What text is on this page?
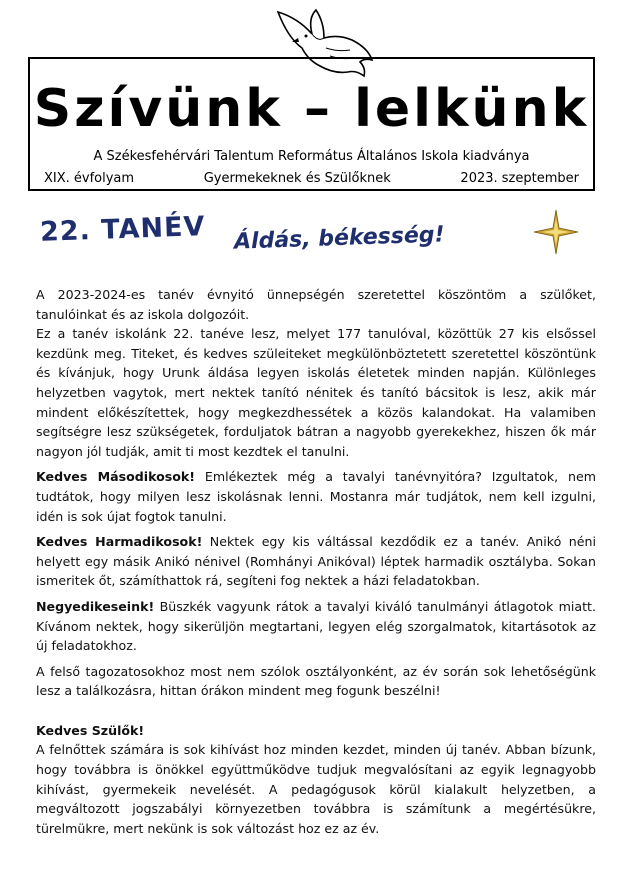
Szívünk – lelkünk
A Székesfehérvári Talentum Református Általános Iskola kiadványa
XIX. évfolyam	Gyermekeknek és Szülőknek	2023. szeptember
22. TANÉV Áldás, békesség!

A 2023-2024-es tanév évnyitó ünnepségén szeretettel köszöntöm a szülőket, tanulóinkat és az iskola dolgozóit.

Ez a tanév iskolánk 22. tanéve lesz, melyet 177 tanulóval, közöttük 27 kis elsőssel kezdünk meg. Titeket, és kedves szüleiteket megkülönböztetett szeretettel köszöntünk és kívánjuk, hogy Urunk áldása legyen iskolás életetek minden napján. Különleges helyzetben vagytok, mert nektek tanító nénitek és tanító bácsitok is lesz, akik már mindent előkészítettek, hogy megkezdhessétek a közös kalandokat. Ha valamiben segítségre lesz szükségetek, forduljatok bátran a nagyobb gyerekekhez, hiszen ők már nagyon jól tudják, amit ti most kezdtek el tanulni.

Kedves Másodikosok! Emlékeztek még a tavalyi tanévnyitóra? Izgultatok, nem tudtátok, hogy milyen lesz iskolásnak lenni. Mostanra már tudjátok, nem kell izgulni, idén is sok újat fogtok tanulni.

Kedves Harmadikosok! Nektek egy kis váltással kezdődik ez a tanév. Anikó néni helyett egy másik Anikó nénivel (Romhányi Anikóval) léptek harmadik osztályba. Sokan ismeritek őt, számíthattok rá, segíteni fog nektek a házi feladatokban.

Negyedikeseink! Büszkék vagyunk rátok a tavalyi kiváló tanulmányi átlagotok miatt. Kívánom nektek, hogy sikerüljön megtartani, legyen elég szorgalmatok, kitartásotok az új feladatokhoz.

A felső tagozatosokhoz most nem szólok osztályonként, az év során sok lehetőségünk lesz a találkozásra, hittan órákon mindent meg fogunk beszélni!

Kedves Szülők!

A felnőttek számára is sok kihívást hoz minden kezdet, minden új tanév. Abban bízunk, hogy továbbra is önökkel együttműködve tudjuk megvalósítani az egyik legnagyobb kihívást, gyermekeik nevelését. A pedagógusok körül kialakult helyzetben, a megváltozott jogszabályi környezetben továbbra is számítunk a megértésükre, türelmükre, mert nekünk is sok változást hoz ez az év.
